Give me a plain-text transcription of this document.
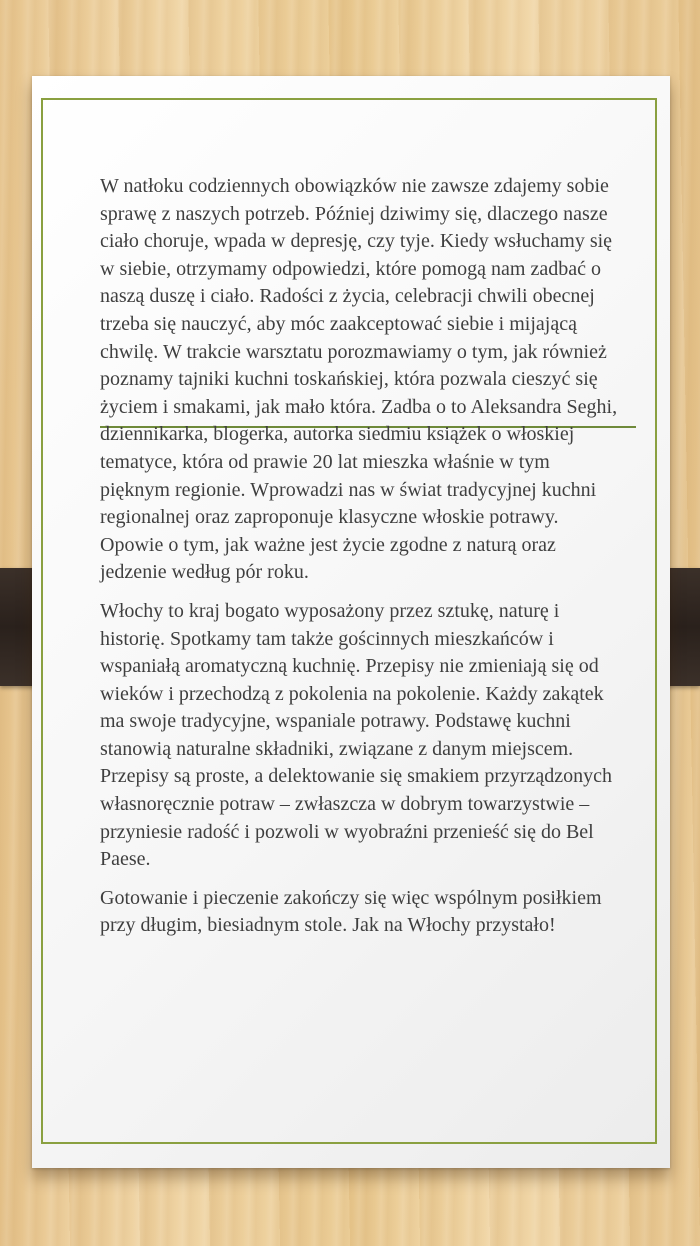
W natłoku codziennych obowiązków nie zawsze zdajemy sobie sprawę z naszych potrzeb. Później dziwimy się, dlaczego nasze ciało choruje, wpada w depresję, czy tyje. Kiedy wsłuchamy się w siebie, otrzymamy odpowiedzi, które pomogą nam zadbać o naszą duszę i ciało. Radości z życia, celebracji chwili obecnej trzeba się nauczyć, aby móc zaakceptować siebie i mijającą chwilę. W trakcie warsztatu porozmawiamy o tym, jak również poznamy tajniki kuchni toskańskiej, która pozwala cieszyć się życiem i smakami, jak mało która. Zadba o to Aleksandra Seghi, dziennikarka, blogerka, autorka siedmiu książek o włoskiej tematyce, która od prawie 20 lat mieszka właśnie w tym pięknym regionie. Wprowadzi nas w świat tradycyjnej kuchni regionalnej oraz zaproponuje klasyczne włoskie potrawy. Opowie o tym, jak ważne jest życie zgodne z naturą oraz jedzenie według pór roku.

Włochy to kraj bogato wyposażony przez sztukę, naturę i historię. Spotkamy tam także gościnnych mieszkańców i wspaniałą aromatyczną kuchnię. Przepisy nie zmieniają się od wieków i przechodzą z pokolenia na pokolenie. Każdy zakątek ma swoje tradycyjne, wspaniale potrawy. Podstawę kuchni stanowią naturalne składniki, związane z danym miejscem. Przepisy są proste, a delektowanie się smakiem przyrządzonych własnoręcznie potraw – zwłaszcza w dobrym towarzystwie – przyniesie radość i pozwoli w wyobraźni przenieść się do Bel Paese.

Gotowanie i pieczenie zakończy się więc wspólnym posiłkiem przy długim, biesiadnym stole. Jak na Włochy przystało!
